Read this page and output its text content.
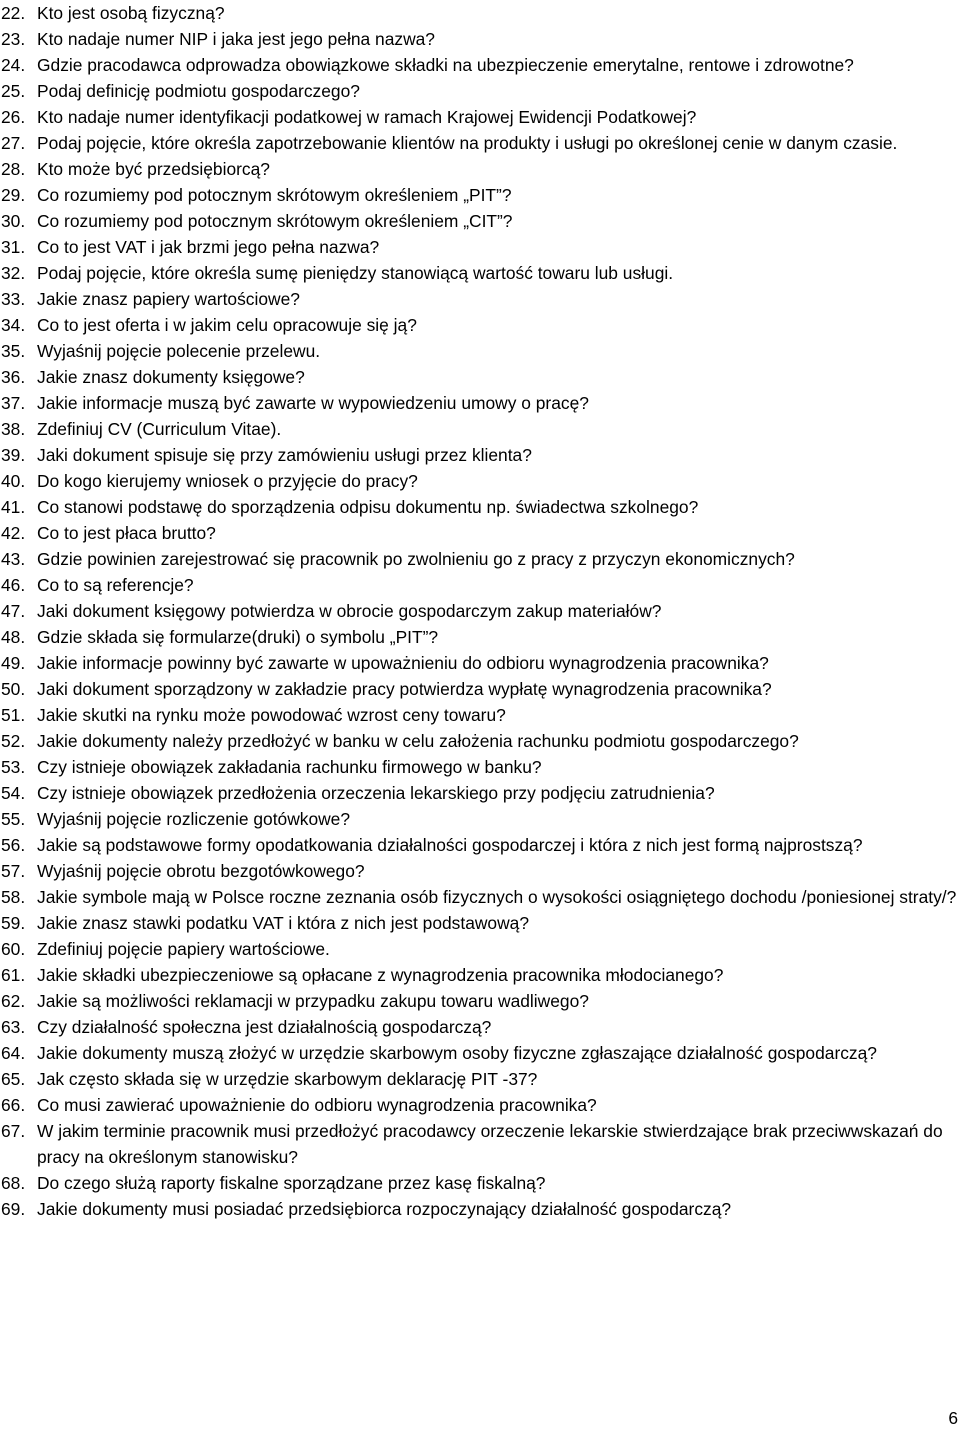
22. Kto jest osobą fizyczną?
23. Kto nadaje numer NIP i jaka jest jego pełna nazwa?
24. Gdzie pracodawca odprowadza obowiązkowe składki na ubezpieczenie emerytalne, rentowe i zdrowotne?
25. Podaj definicję podmiotu gospodarczego?
26. Kto nadaje numer identyfikacji podatkowej w ramach Krajowej Ewidencji Podatkowej?
27. Podaj pojęcie, które określa zapotrzebowanie klientów na produkty i usługi po określonej cenie w danym czasie.
28. Kto może być przedsiębiorcą?
29. Co rozumiemy pod potocznym skrótowym określeniem „PIT”?
30. Co rozumiemy pod potocznym skrótowym określeniem „CIT”?
31. Co to jest VAT i jak brzmi jego pełna nazwa?
32. Podaj pojęcie, które określa sumę pieniędzy stanowiącą wartość towaru lub usługi.
33. Jakie znasz papiery wartościowe?
34. Co to jest oferta i w jakim celu opracowuje się ją?
35. Wyjaśnij pojęcie polecenie przelewu.
36. Jakie znasz dokumenty księgowe?
37. Jakie informacje muszą być zawarte w wypowiedzeniu umowy o pracę?
38. Zdefiniuj CV (Curriculum Vitae).
39. Jaki dokument spisuje się przy zamówieniu usługi przez klienta?
40. Do kogo kierujemy wniosek o przyjęcie do pracy?
41. Co stanowi podstawę do sporządzenia odpisu dokumentu np. świadectwa szkolnego?
42. Co to jest płaca brutto?
43. Gdzie powinien zarejestrować się pracownik po zwolnieniu go z pracy z przyczyn ekonomicznych?
46. Co to są referencje?
47. Jaki dokument księgowy potwierdza w obrocie gospodarczym zakup materiałów?
48. Gdzie składa się formularze(druki) o symbolu „PIT”?
49. Jakie informacje powinny być zawarte w upoważnieniu do odbioru wynagrodzenia pracownika?
50. Jaki dokument sporządzony w zakładzie pracy potwierdza wypłatę wynagrodzenia pracownika?
51. Jakie skutki na rynku może powodować wzrost ceny towaru?
52. Jakie dokumenty należy przedłożyć w banku w celu założenia rachunku podmiotu gospodarczego?
53. Czy istnieje obowiązek zakładania rachunku firmowego w banku?
54. Czy istnieje obowiązek przedłożenia orzeczenia lekarskiego przy podjęciu zatrudnienia?
55. Wyjaśnij pojęcie rozliczenie gotówkowe?
56. Jakie są podstawowe formy opodatkowania działalności gospodarczej i która z nich jest formą najprostszą?
57. Wyjaśnij pojęcie obrotu bezgotówkowego?
58. Jakie symbole mają w Polsce roczne zeznania osób fizycznych o wysokości osiągniętego dochodu /poniesionej straty/?
59. Jakie znasz stawki podatku VAT i która z nich jest podstawową?
60. Zdefiniuj pojęcie papiery wartościowe.
61. Jakie składki ubezpieczeniowe są opłacane z wynagrodzenia pracownika młodocianego?
62. Jakie są możliwości reklamacji w przypadku zakupu towaru wadliwego?
63. Czy działalność społeczna jest działalnością gospodarczą?
64. Jakie dokumenty muszą złożyć w urzędzie skarbowym osoby fizyczne zgłaszające działalność gospodarczą?
65. Jak często składa się w urzędzie skarbowym deklarację PIT -37?
66. Co musi zawierać upoważnienie do odbioru wynagrodzenia pracownika?
67. W jakim terminie pracownik musi przedłożyć pracodawcy orzeczenie lekarskie stwierdzające brak przeciwwskazań do pracy na określonym stanowisku?
68. Do czego służą raporty fiskalne sporządzane przez kasę fiskalną?
69. Jakie dokumenty musi posiadać przedsiębiorca rozpoczynający działalność gospodarczą?
6
